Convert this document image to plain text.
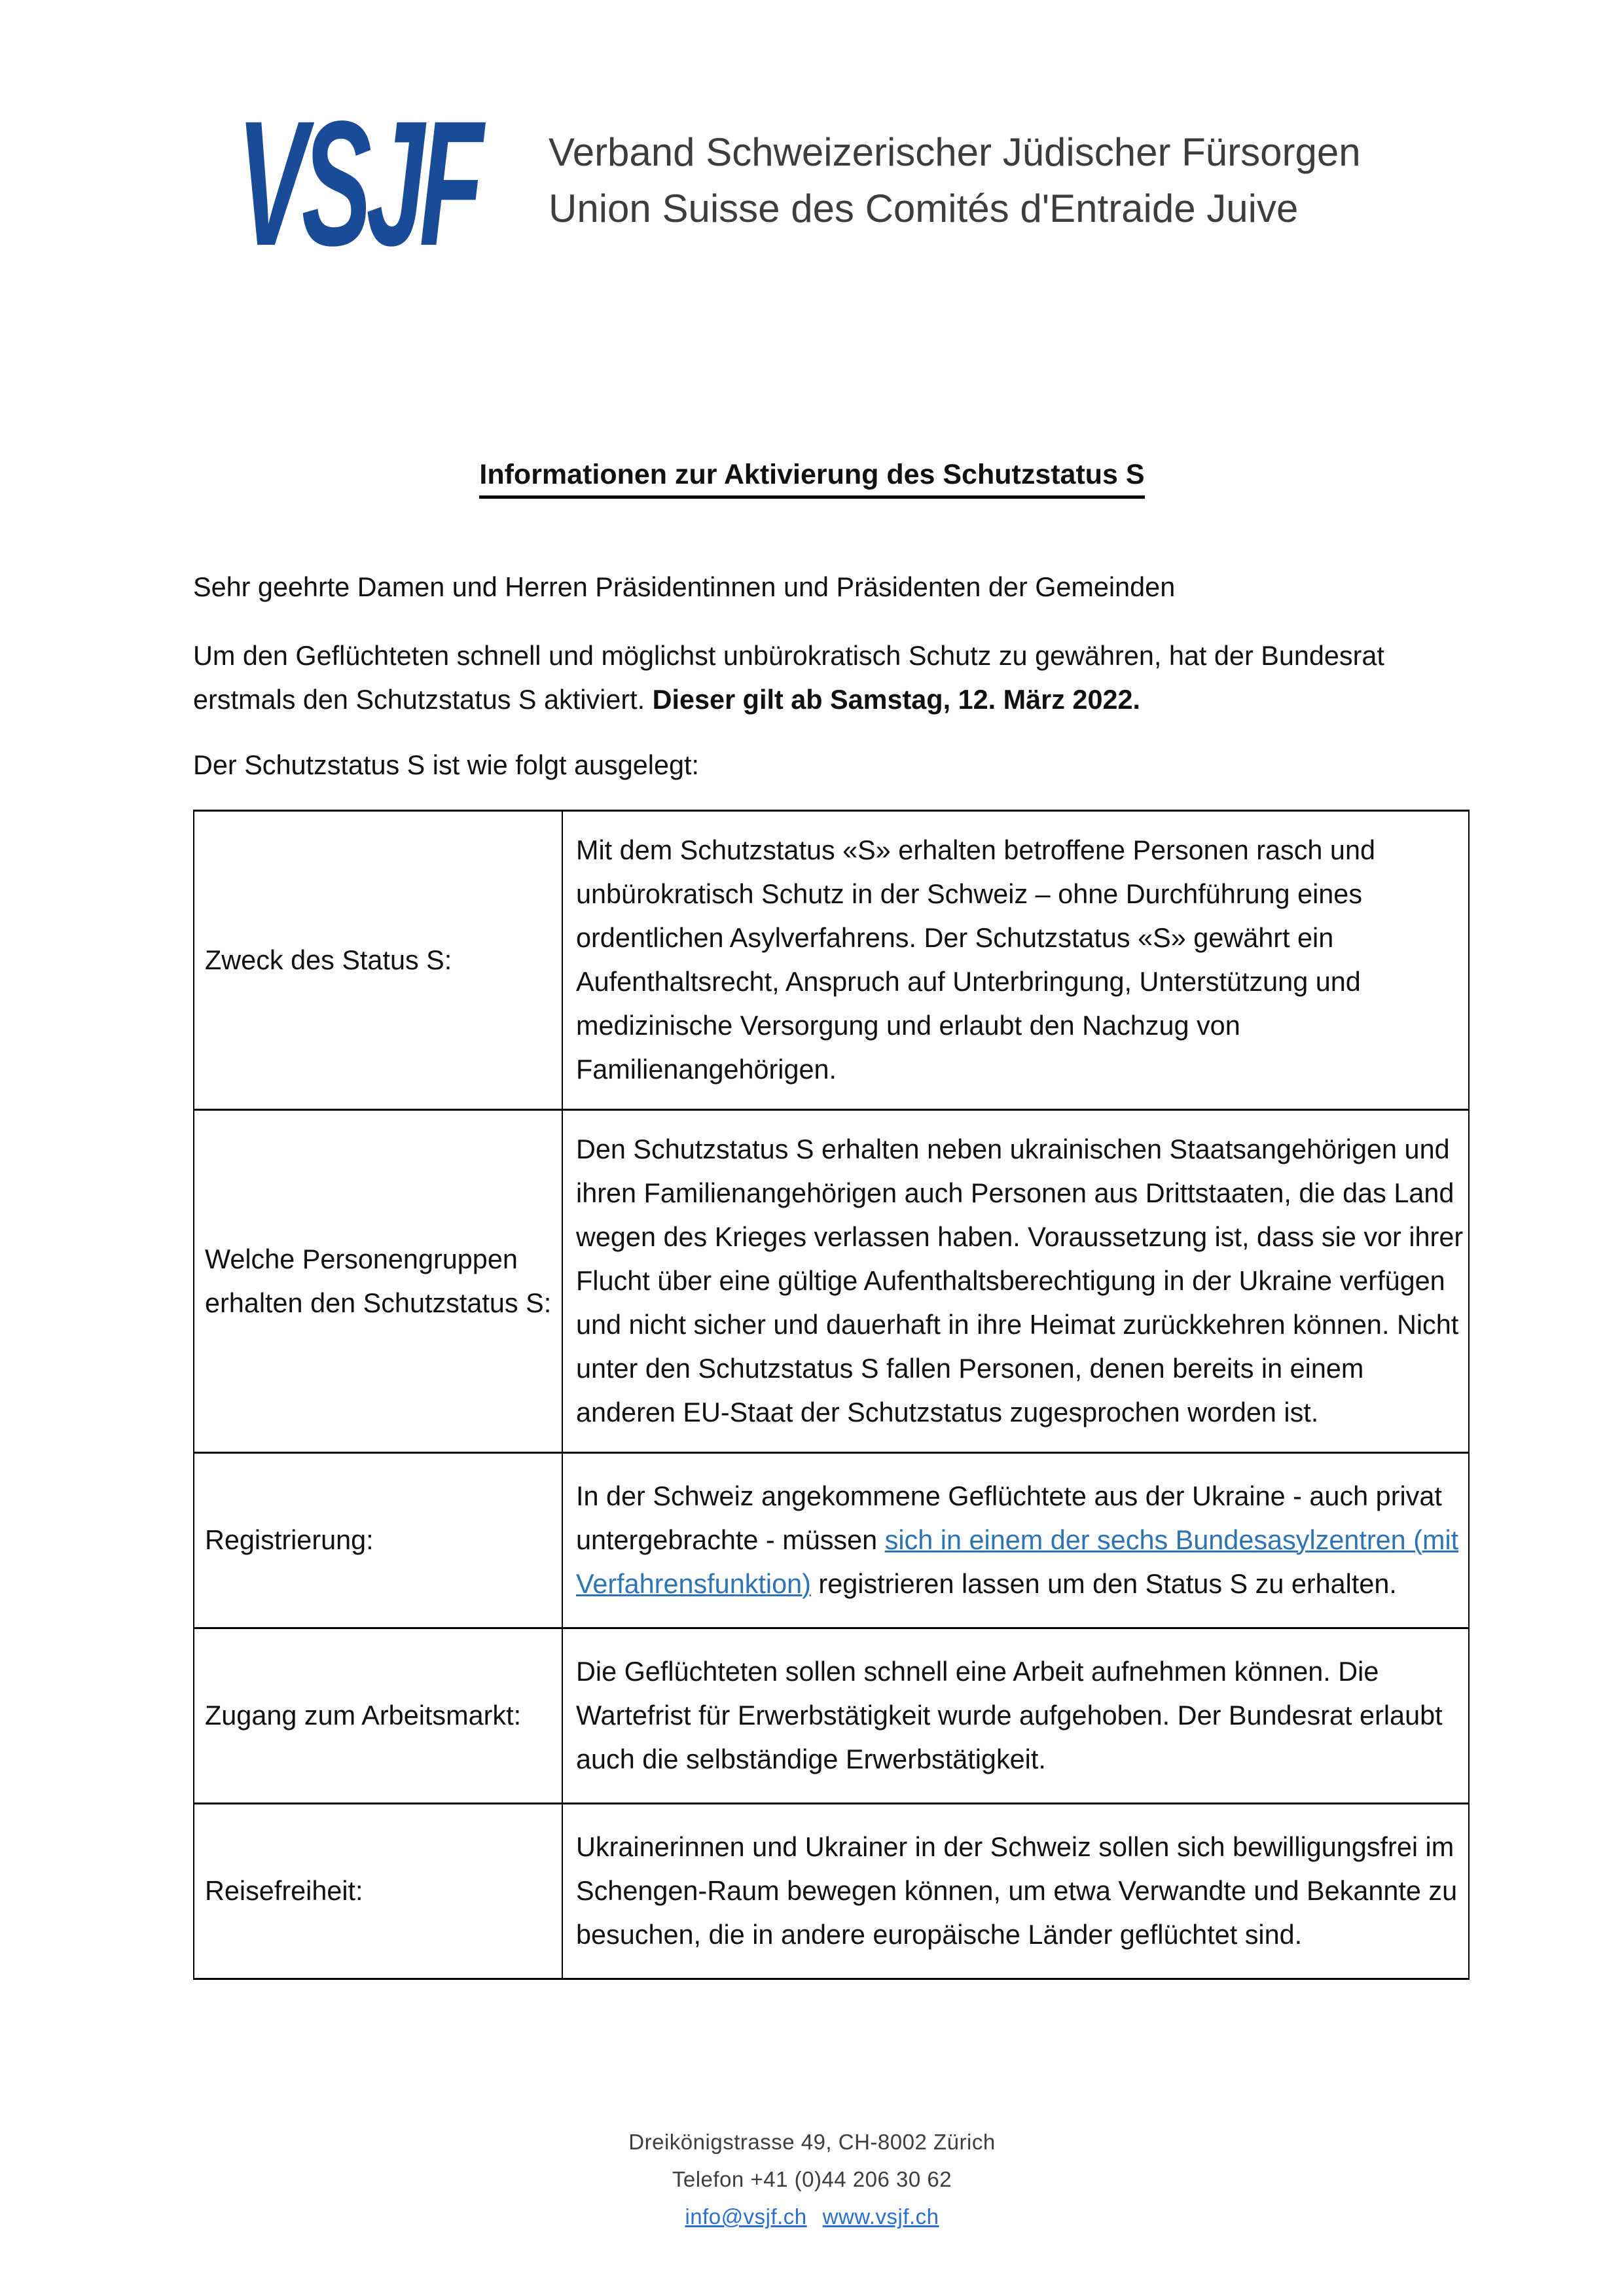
VSJF Verband Schweizerischer Jüdischer Fürsorgen
Union Suisse des Comités d'Entraide Juive
Informationen zur Aktivierung des Schutzstatus S

Sehr geehrte Damen und Herren Präsidentinnen und Präsidenten der Gemeinden

Um den Geflüchteten schnell und möglichst unbürokratisch Schutz zu gewähren, hat der Bundesrat erstmals den Schutzstatus S aktiviert. Dieser gilt ab Samstag, 12. März 2022.

Der Schutzstatus S ist wie folgt ausgelegt:

Zweck des Status S:	Mit dem Schutzstatus «S» erhalten betroffene Personen rasch und unbürokratisch Schutz in der Schweiz – ohne Durchführung eines ordentlichen Asylverfahrens. Der Schutzstatus «S» gewährt ein Aufenthaltsrecht, Anspruch auf Unterbringung, Unterstützung und medizinische Versorgung und erlaubt den Nachzug von Familienangehörigen.
Welche Personengruppen erhalten den Schutzstatus S:	Den Schutzstatus S erhalten neben ukrainischen Staatsangehörigen und ihren Familienangehörigen auch Personen aus Drittstaaten, die das Land wegen des Krieges verlassen haben. Voraussetzung ist, dass sie vor ihrer Flucht über eine gültige Aufenthaltsberechtigung in der Ukraine verfügen und nicht sicher und dauerhaft in ihre Heimat zurückkehren können. Nicht unter den Schutzstatus S fallen Personen, denen bereits in einem anderen EU-Staat der Schutzstatus zugesprochen worden ist.
Registrierung:	In der Schweiz angekommene Geflüchtete aus der Ukraine - auch privat untergebrachte - müssen sich in einem der sechs Bundesasylzentren (mit Verfahrensfunktion) registrieren lassen um den Status S zu erhalten.
Zugang zum Arbeitsmarkt:	Die Geflüchteten sollen schnell eine Arbeit aufnehmen können. Die Wartefrist für Erwerbstätigkeit wurde aufgehoben. Der Bundesrat erlaubt auch die selbständige Erwerbstätigkeit.
Reisefreiheit:	Ukrainerinnen und Ukrainer in der Schweiz sollen sich bewilligungsfrei im Schengen-Raum bewegen können, um etwa Verwandte und Bekannte zu besuchen, die in andere europäische Länder geflüchtet sind.

Dreikönigstrasse 49, CH-8002 Zürich

Telefon +41 (0)44 206 30 62

info@vsjf.ch www.vsjf.ch
